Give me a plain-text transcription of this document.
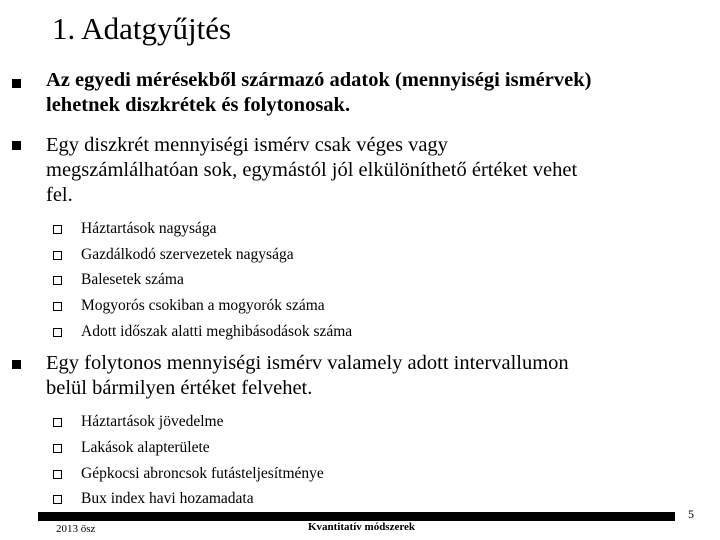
1. Adatgyűjtés
Az egyedi mérésekből származó adatok (mennyiségi ismérvek)
lehetnek diszkrétek és folytonosak.
Egy diszkrét mennyiségi ismérv csak véges vagy
megszámlálhatóan sok, egymástól jól elkülöníthető értéket vehet
fel.
Háztartások nagysága
Gazdálkodó szervezetek nagysága
Balesetek száma
Mogyorós csokiban a mogyorók száma
Adott időszak alatti meghibásodások száma
Egy folytonos mennyiségi ismérv valamely adott intervallumon
belül bármilyen értéket felvehet.
Háztartások jövedelme
Lakások alapterülete
Gépkocsi abroncsok futásteljesítménye
Bux index havi hozamadata
2013 ősz	Kvantitatív módszerek
5
